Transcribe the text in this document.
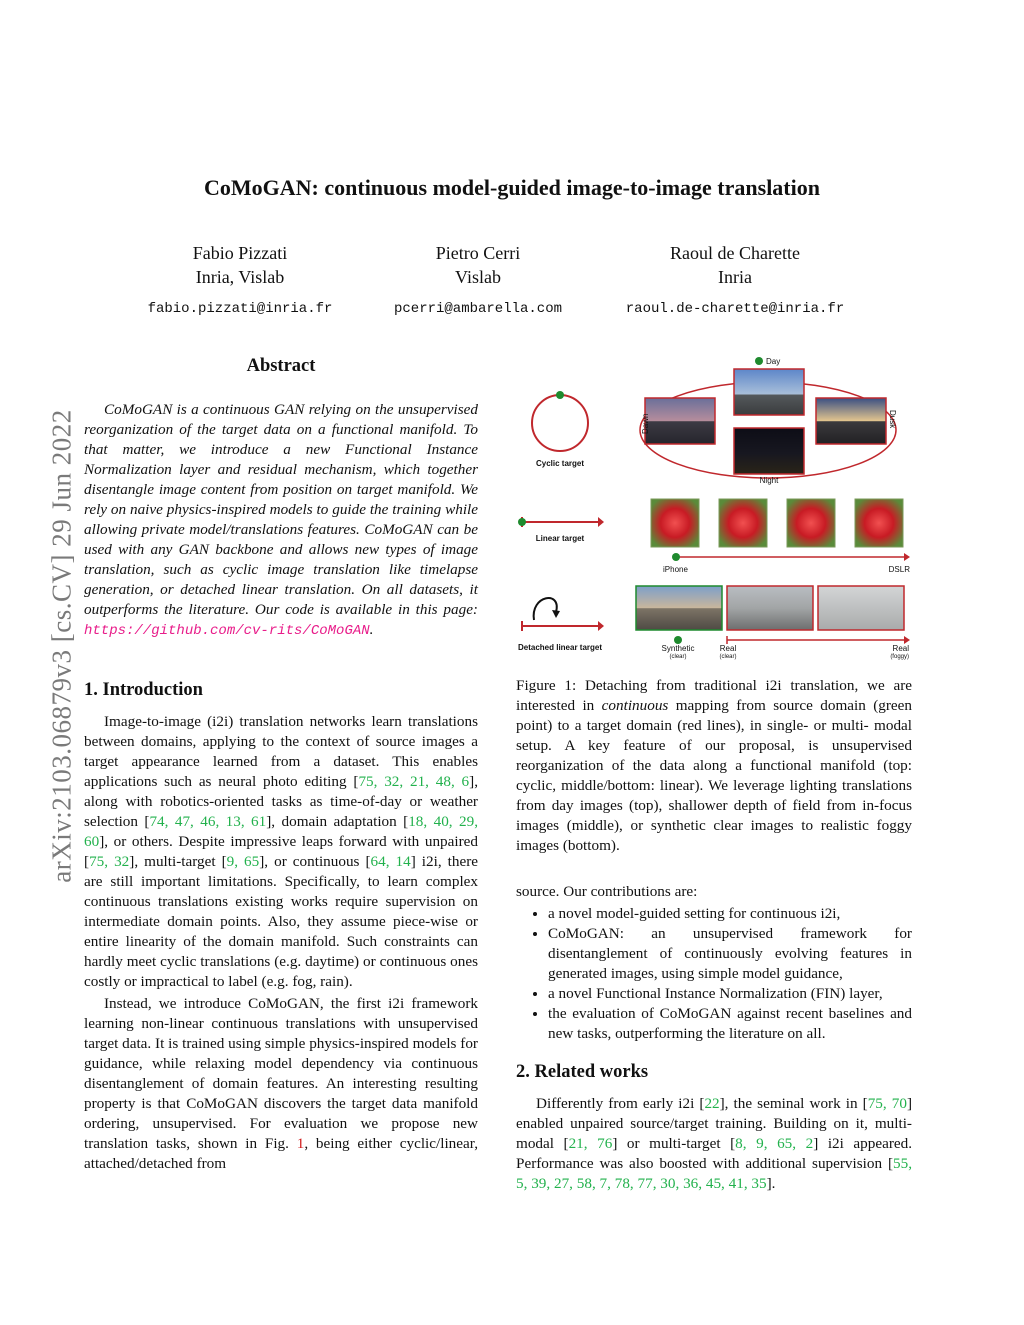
CoMoGAN: continuous model-guided image-to-image translation
Fabio Pizzati
Inria, Vislab
fabio.pizzati@inria.fr
Pietro Cerri
Vislab
pcerri@ambarella.com
Raoul de Charette
Inria
raoul.de-charette@inria.fr
arXiv:2103.06879v3 [cs.CV] 29 Jun 2022
Abstract

CoMoGAN is a continuous GAN relying on the unsupervised reorganization of the target data on a functional manifold. To that matter, we introduce a new Functional Instance Normalization layer and residual mechanism, which together disentangle image content from position on target manifold. We rely on naive physics-inspired models to guide the training while allowing private model/translations features. CoMoGAN can be used with any GAN backbone and allows new types of image translation, such as cyclic image translation like timelapse generation, or detached linear translation. On all datasets, it outperforms the literature. Our code is available in this page: https://github.com/cv-rits/CoMoGAN.

1. Introduction

Image-to-image (i2i) translation networks learn translations between domains, applying to the context of source images a target appearance learned from a dataset. This enables applications such as neural photo editing [75, 32, 21, 48, 6], along with robotics-oriented tasks as time-of-day or weather selection [74, 47, 46, 13, 61], domain adaptation [18, 40, 29, 60], or others. Despite impressive leaps forward with unpaired [75, 32], multi-target [9, 65], or continuous [64, 14] i2i, there are still important limitations. Specifically, to learn complex continuous translations existing works require supervision on intermediate domain points. Also, they assume piece-wise or entire linearity of the domain manifold. Such constraints can hardly meet cyclic translations (e.g. daytime) or continuous ones costly or impractical to label (e.g. fog, rain).

Instead, we introduce CoMoGAN, the first i2i framework learning non-linear continuous translations with unsupervised target data. It is trained using simple physics-inspired models for guidance, while relaxing model dependency via continuous disentanglement of domain features. An interesting resulting property is that CoMoGAN discovers the target data manifold ordering, unsupervised. For evaluation we propose new translation tasks, shown in Fig. 1, being either cyclic/linear, attached/detached from

Cyclic target
Day
Dawn	Dusk
Night
Linear target
iPhone	DSLR
Detached linear target	Synthetic
(clear)
Real
(clear)
Real
(foggy)
Figure 1: Detaching from traditional i2i translation, we are interested in continuous mapping from source domain (green point) to a target domain (red lines), in single- or multi- modal setup. A key feature of our proposal, is unsupervised reorganization of the data along a functional manifold (top: cyclic, middle/bottom: linear). We leverage lighting translations from day images (top), shallower depth of field from in-focus images (middle), or synthetic clear images to realistic foggy images (bottom).

source. Our contributions are:

• a novel model-guided setting for continuous i2i,
• CoMoGAN: an unsupervised framework for disentanglement of continuously evolving features in generated images, using simple model guidance,
• a novel Functional Instance Normalization (FIN) layer,
• the evaluation of CoMoGAN against recent baselines and new tasks, outperforming the literature on all.
2. Related works

Differently from early i2i [22], the seminal work in [75, 70] enabled unpaired source/target training. Building on it, multi-modal [21, 76] or multi-target [8, 9, 65, 2] i2i appeared. Performance was also boosted with additional supervision [55, 5, 39, 27, 58, 7, 78, 77, 30, 36, 45, 41, 35].
